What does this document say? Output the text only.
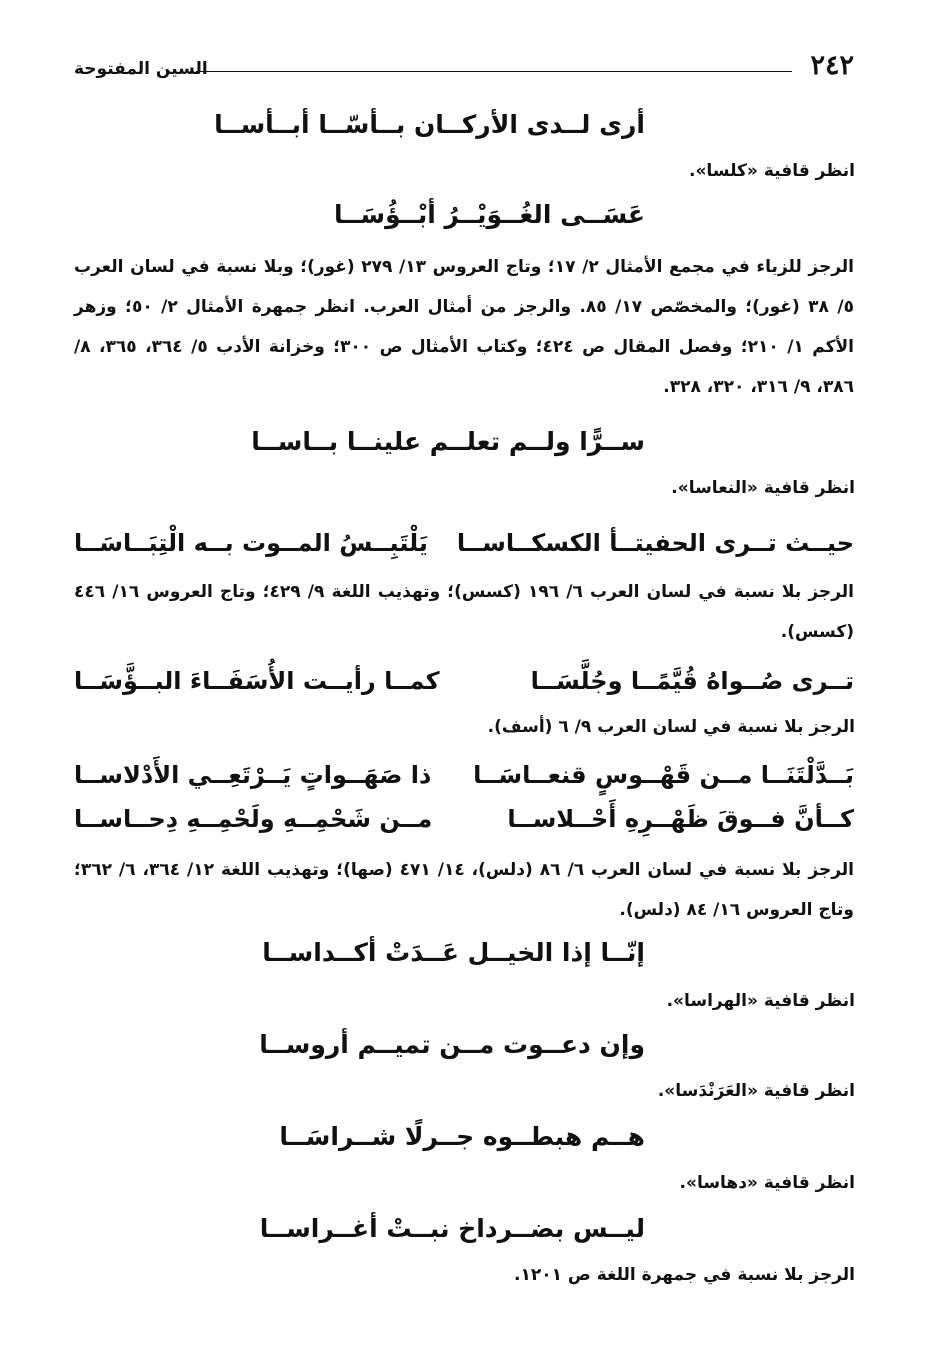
٢٤٢
السين المفتوحة
أرى لــدى الأركــان بــأسّــا أبــأســا
انظر قافية «كلسا».
عَسَــى الغُــوَيْــرُ أبْــؤُسَــا
الرجز للزباء في مجمع الأمثال ٢/ ١٧؛ وتاج العروس ١٣/ ٢٧٩ (غور)؛ وبلا نسبة في لسان العرب ٥/ ٣٨ (غور)؛ والمخصّص ١٧/ ٨٥. والرجز من أمثال العرب. انظر جمهرة الأمثال ٢/ ٥٠؛ وزهر الأكم ١/ ٢١٠؛ وفصل المقال ص ٤٢٤؛ وكتاب الأمثال ص ٣٠٠؛ وخزانة الأدب ٥/ ٣٦٤، ٣٦٥، ٨/ ٣٨٦، ٩/ ٣١٦، ٣٢٠، ٣٢٨.
ســرًّا ولــم تعلــم علينــا بــاســا
انظر قافية «النعاسا».
حيــث تــرى الحفيتــأ الكسكــاســا
يَلْتَبِــسُ المــوت بــه الْتِبَــاسَــا
الرجز بلا نسبة في لسان العرب ٦/ ١٩٦ (كسس)؛ وتهذيب اللغة ٩/ ٤٢٩؛ وتاج العروس ١٦/ ٤٤٦ (كسس).
تــرى صُــواهُ قُيَّمًــا وجُلَّسَــا
كمــا رأيــت الأُسَفَــاءَ البــؤَّسَــا
الرجز بلا نسبة في لسان العرب ٩/ ٦ (أسف).
بَــدَّلْتَنَــا مــن قَهْــوسٍ قنعــاسَــا
ذا صَهَــواتٍ يَــرْتَعِــي الأَدْلاســا
كــأنَّ فــوقَ ظَهْــرِهِ أَحْــلاســا
مــن شَحْمِــهِ ولَحْمِــهِ دِحــاســا
الرجز بلا نسبة في لسان العرب ٦/ ٨٦ (دلس)، ١٤/ ٤٧١ (صها)؛ وتهذيب اللغة ١٢/ ٣٦٤، ٦/ ٣٦٢؛ وتاج العروس ١٦/ ٨٤ (دلس).
إنّــا إذا الخيــل عَــدَتْ أكــداســا
انظر قافية «الهراسا».
وإن دعــوت مــن تميــم أروســا
انظر قافية «العَرَنْدَسا».
هــم هبطــوه جــرلًا شــراسَــا
انظر قافية «دهاسا».
ليــس بضــرداخ نبــتْ أغــراســا
الرجز بلا نسبة في جمهرة اللغة ص ١٢٠١.
